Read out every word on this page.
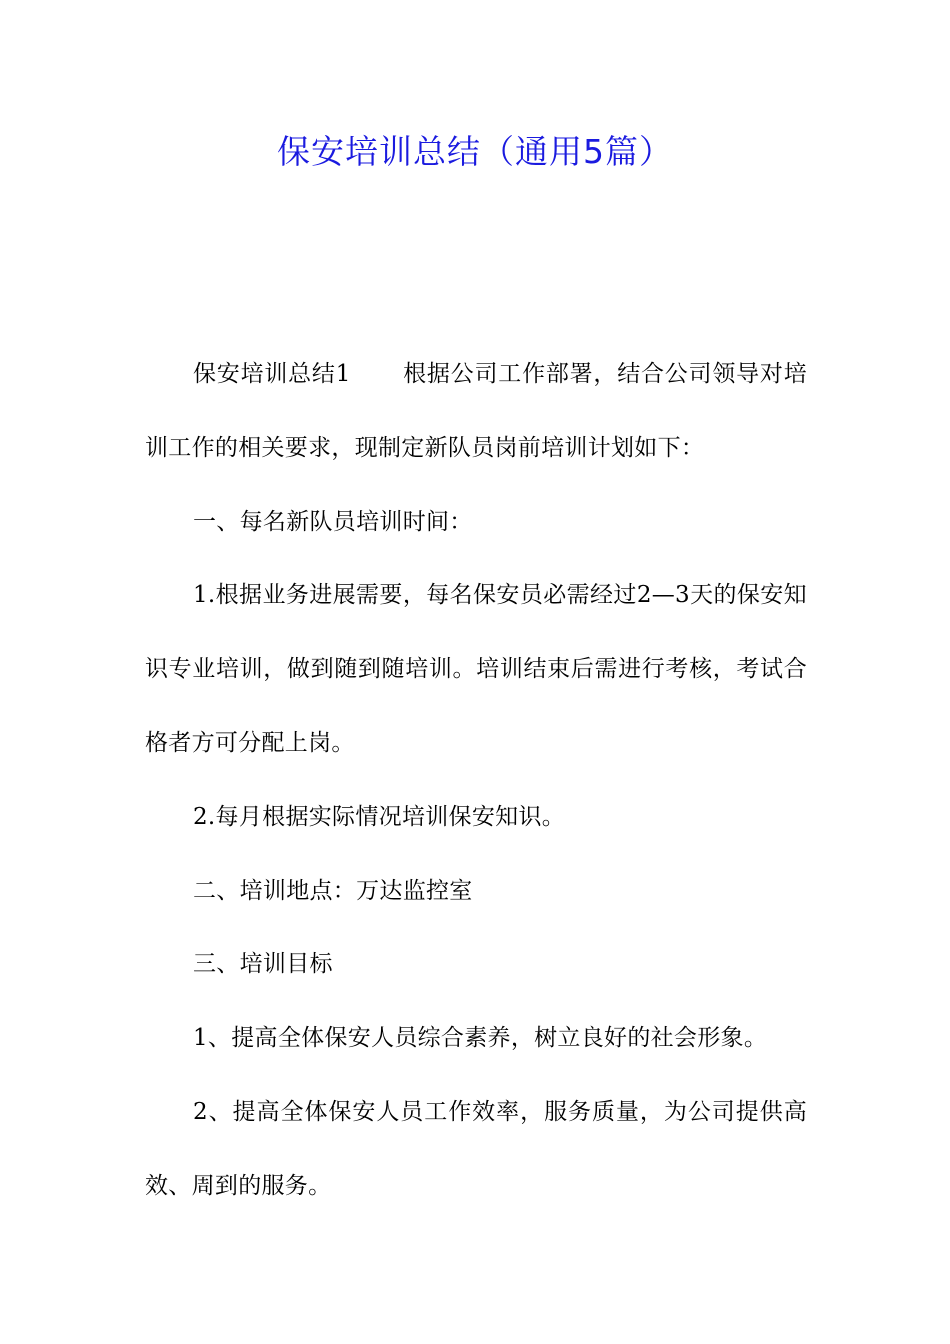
保安培训总结（通用5篇）

保安培训总结1 根据公司工作部署，结合公司领导对培训工作的相关要求，现制定新队员岗前培训计划如下：

一、每名新队员培训时间：

1.根据业务进展需要，每名保安员必需经过2—3天的保安知识专业培训，做到随到随培训。培训结束后需进行考核，考试合格者方可分配上岗。

2.每月根据实际情况培训保安知识。

二、培训地点：万达监控室

三、培训目标

1、提高全体保安人员综合素养，树立良好的社会形象。

2、提高全体保安人员工作效率，服务质量，为公司提供高效、周到的服务。
